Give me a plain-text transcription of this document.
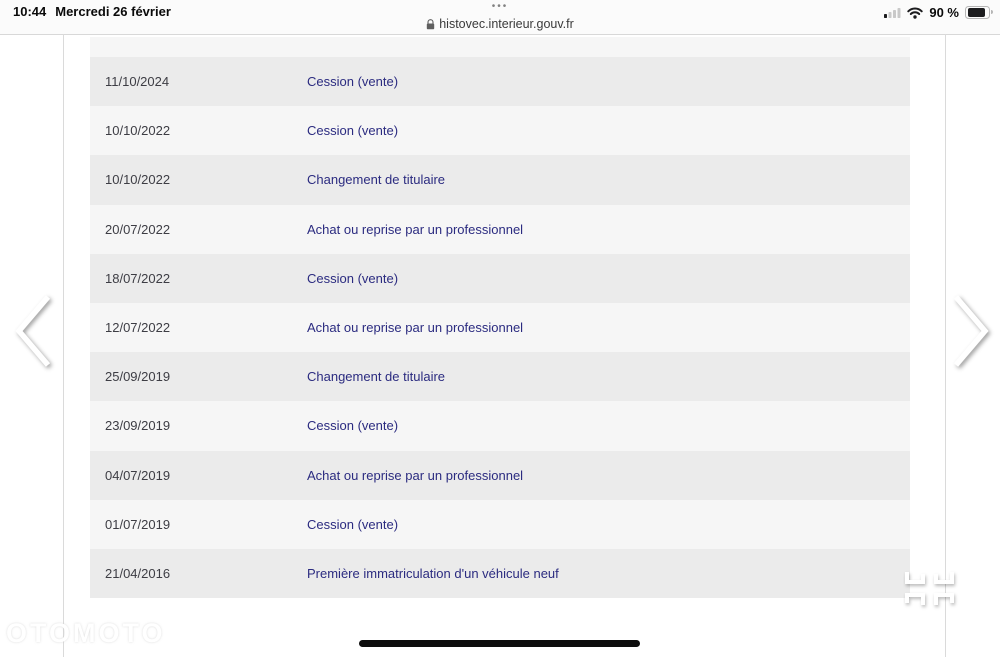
10:44 Mercredi 26 février	•••
histovec.interieur.gouv.fr
90 %
11/10/2024	Cession (vente)
10/10/2022	Cession (vente)
10/10/2022	Changement de titulaire
20/07/2022	Achat ou reprise par un professionnel
18/07/2022	Cession (vente)
12/07/2022	Achat ou reprise par un professionnel
25/09/2019	Changement de titulaire
23/09/2019	Cession (vente)
04/07/2019	Achat ou reprise par un professionnel
01/07/2019	Cession (vente)
21/04/2016	Première immatriculation d'un véhicule neuf
OTOMOTO
